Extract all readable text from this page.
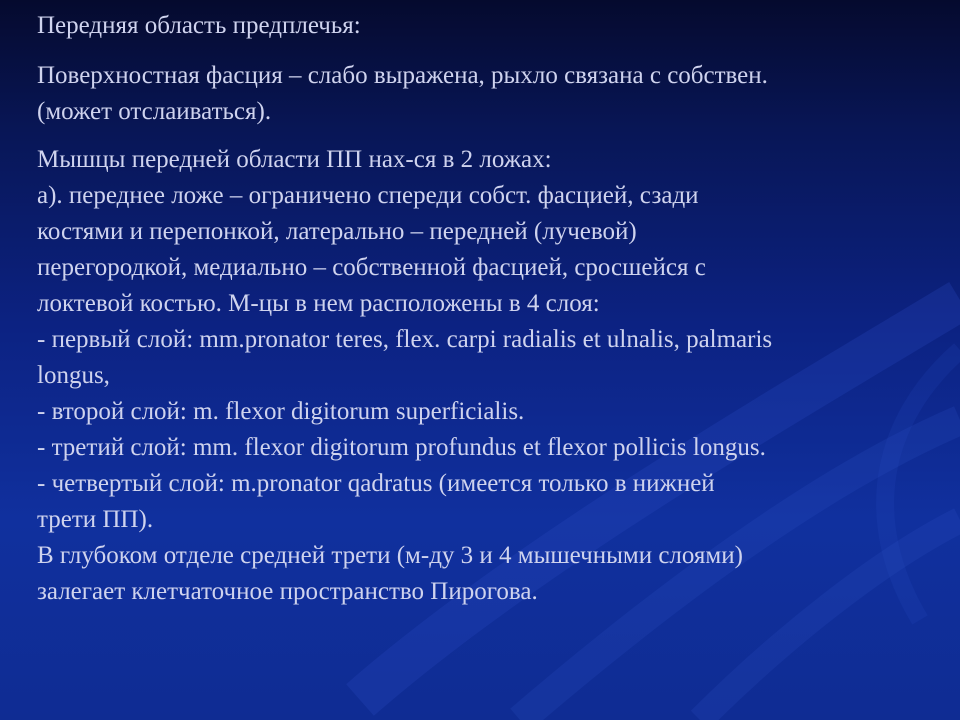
Передняя область предплечья:

Поверхностная фасция – слабо выражена, рыхло связана с собствен.

(может отслаиваться).

Мышцы передней области ПП нах-ся в 2 ложах:

а). переднее ложе – ограничено спереди собст. фасцией, сзади

костями и перепонкой, латерально – передней (лучевой)

перегородкой, медиально – собственной фасцией, сросшейся с

локтевой костью. М-цы в нем расположены в 4 слоя:

- первый слой: mm.pronator teres, flex. carpi radialis et ulnalis, palmaris

longus,

- второй слой: m. flexor digitorum superficialis.

- третий слой: mm. flexor digitorum profundus et flexor pollicis longus.

- четвертый слой: m.pronator qadratus (имеется только в нижней

трети ПП).

В глубоком отделе средней трети (м-ду 3 и 4 мышечными слоями)

залегает клетчаточное пространство Пирогова.
